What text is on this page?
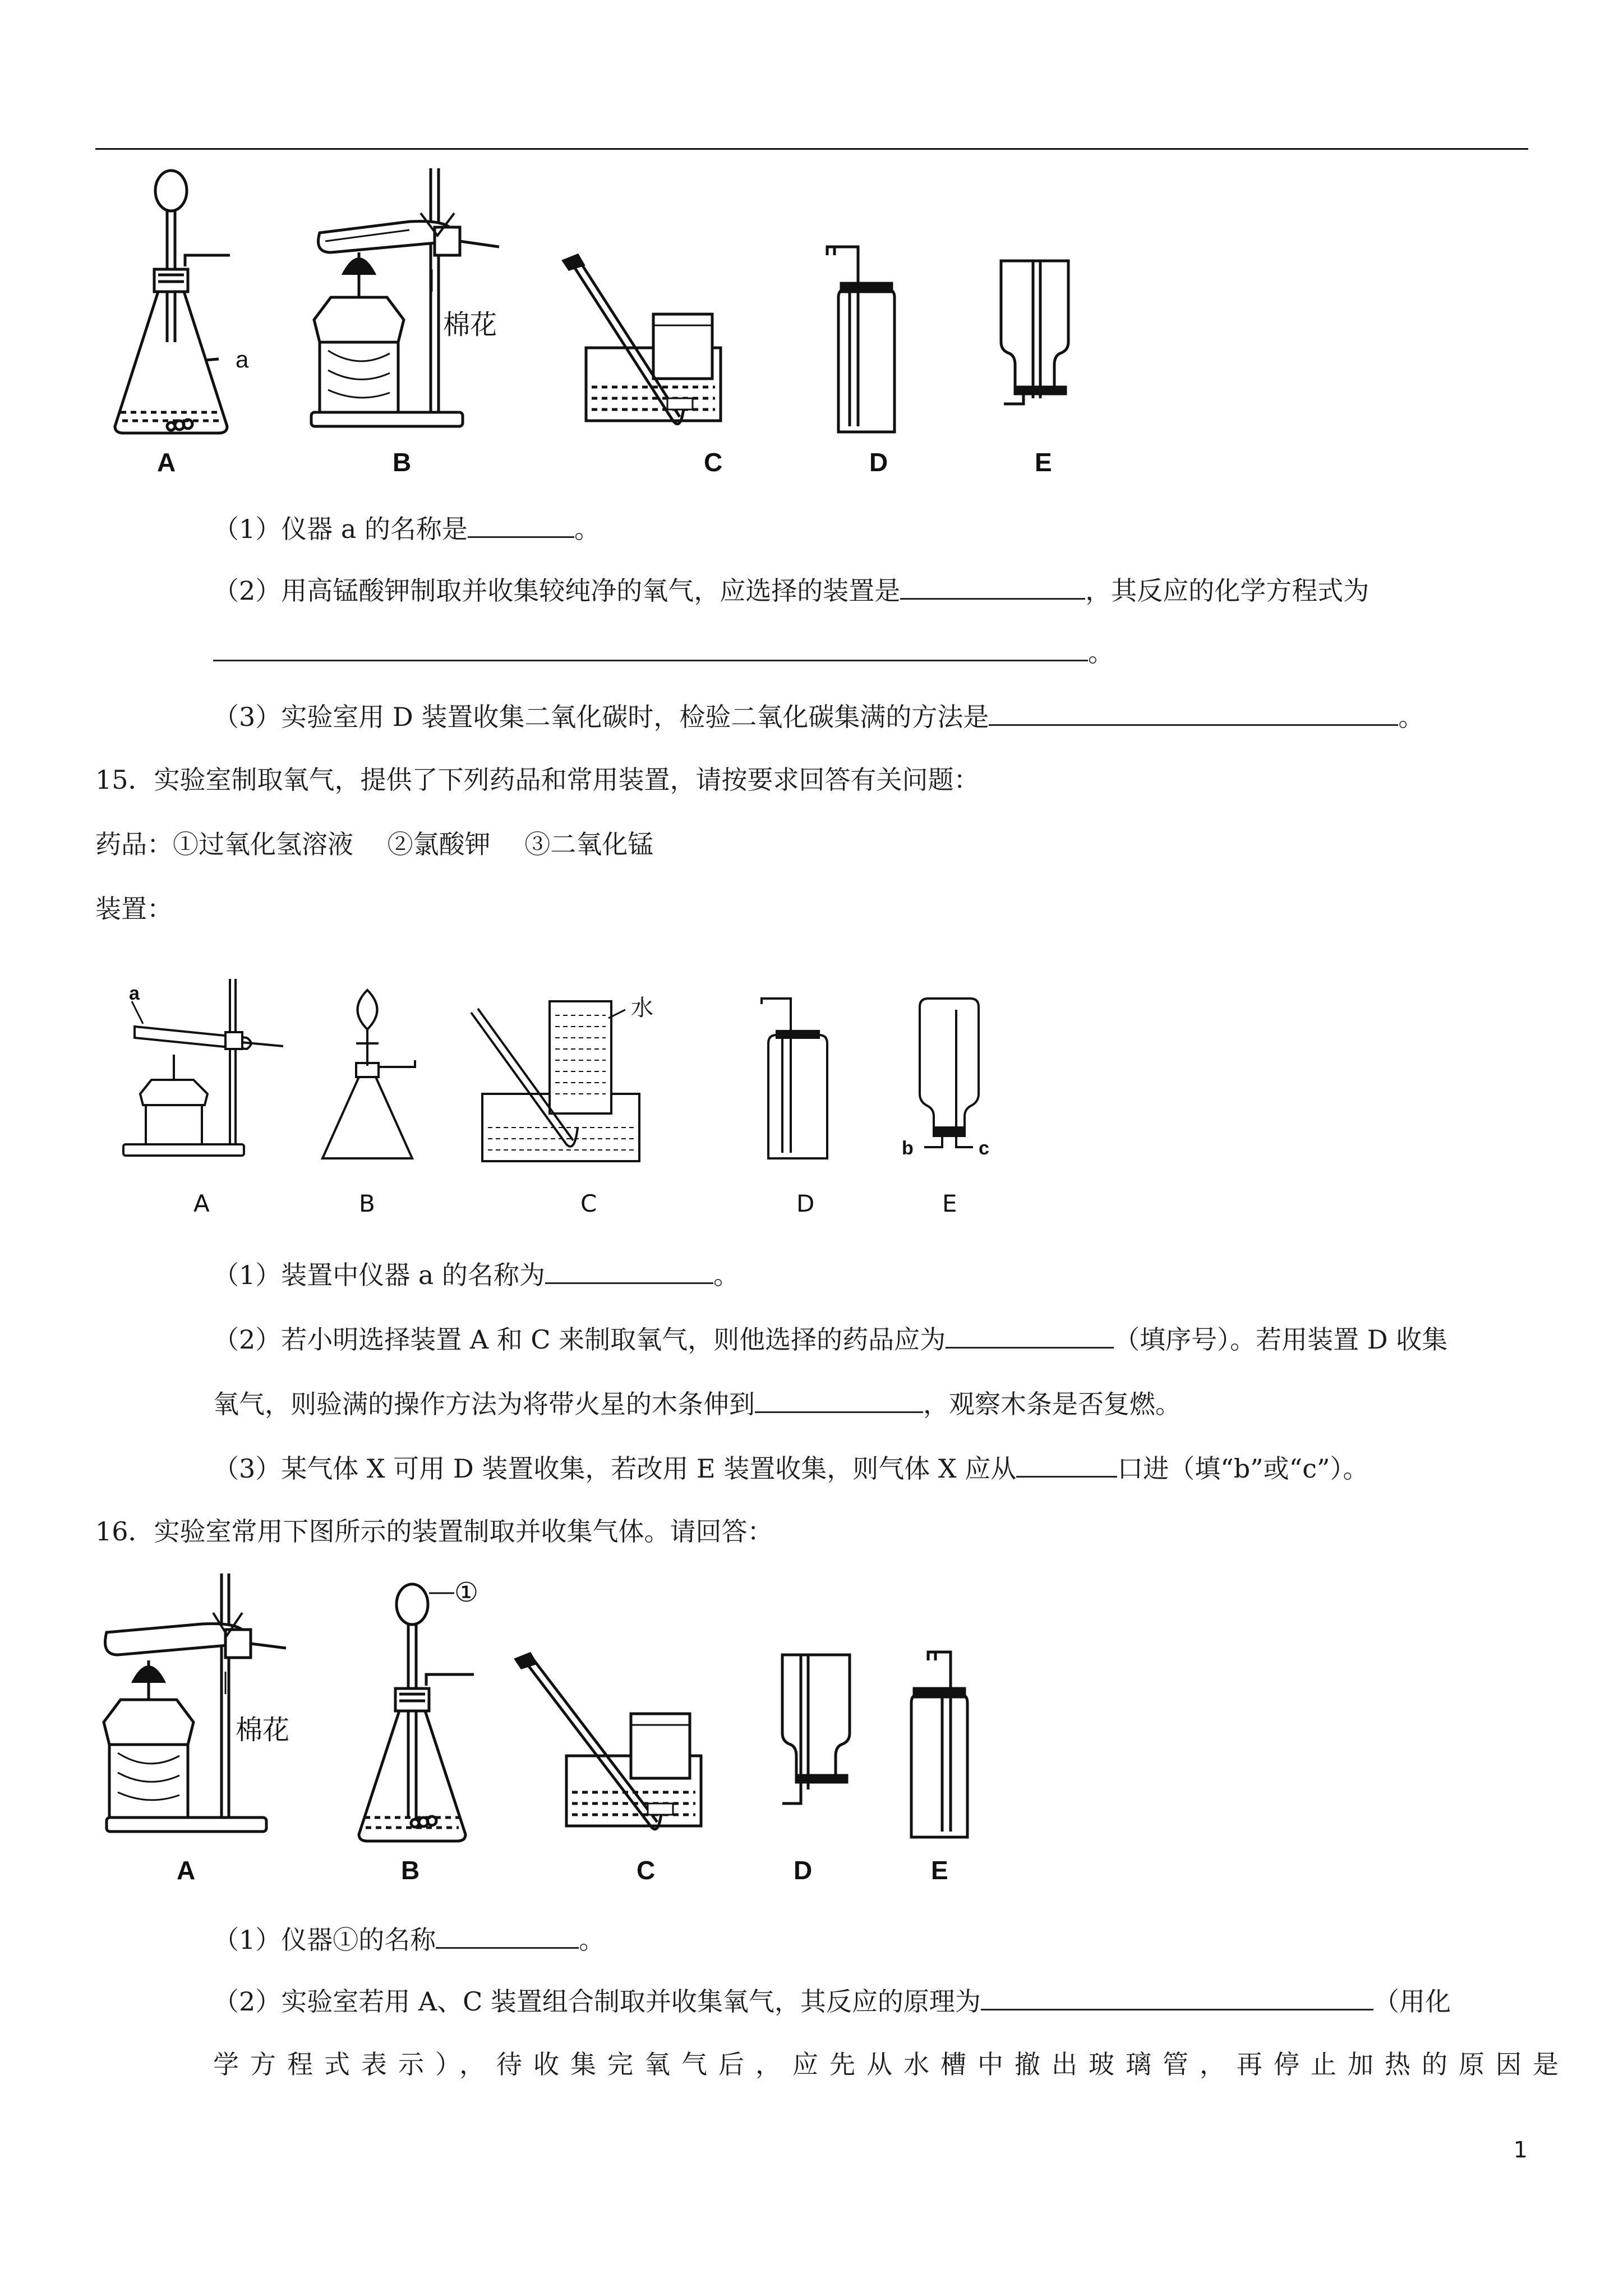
a
A
棉花
B	C	D	E
（1）仪器 a 的名称是	。
（2）用高锰酸钾制取并收集较纯净的氧气，应选择的装置是	，其反应的化学方程式为
。
（3）实验室用 D 装置收集二氧化碳时，检验二氧化碳集满的方法是	。
15．实验室制取氧气，提供了下列药品和常用装置，请按要求回答有关问题：
药品：①过氧化氢溶液　 ②氯酸钾　 ③二氧化锰
装置：
a
A	B
水
C	D
b	c
E
（1）装置中仪器 a 的名称为	。
（2）若小明选择装置 A 和 C 来制取氧气，则他选择的药品应为	（填序号）。若用装置 D 收集
氧气，则验满的操作方法为将带火星的木条伸到	，观察木条是否复燃。
（3）某气体 X 可用 D 装置收集，若改用 E 装置收集，则气体 X 应从	口进（填“b”或“c”）。
16．实验室常用下图所示的装置制取并收集气体。请回答：
棉花
A
①
B	C	D	E
（1）仪器①的名称	。
（2）实验室若用 A、C 装置组合制取并收集氧气，其反应的原理为	（用化
学方程式表示），待收集完氧气后，应先从水槽中撤出玻璃管，再停止加热的原因是
1
